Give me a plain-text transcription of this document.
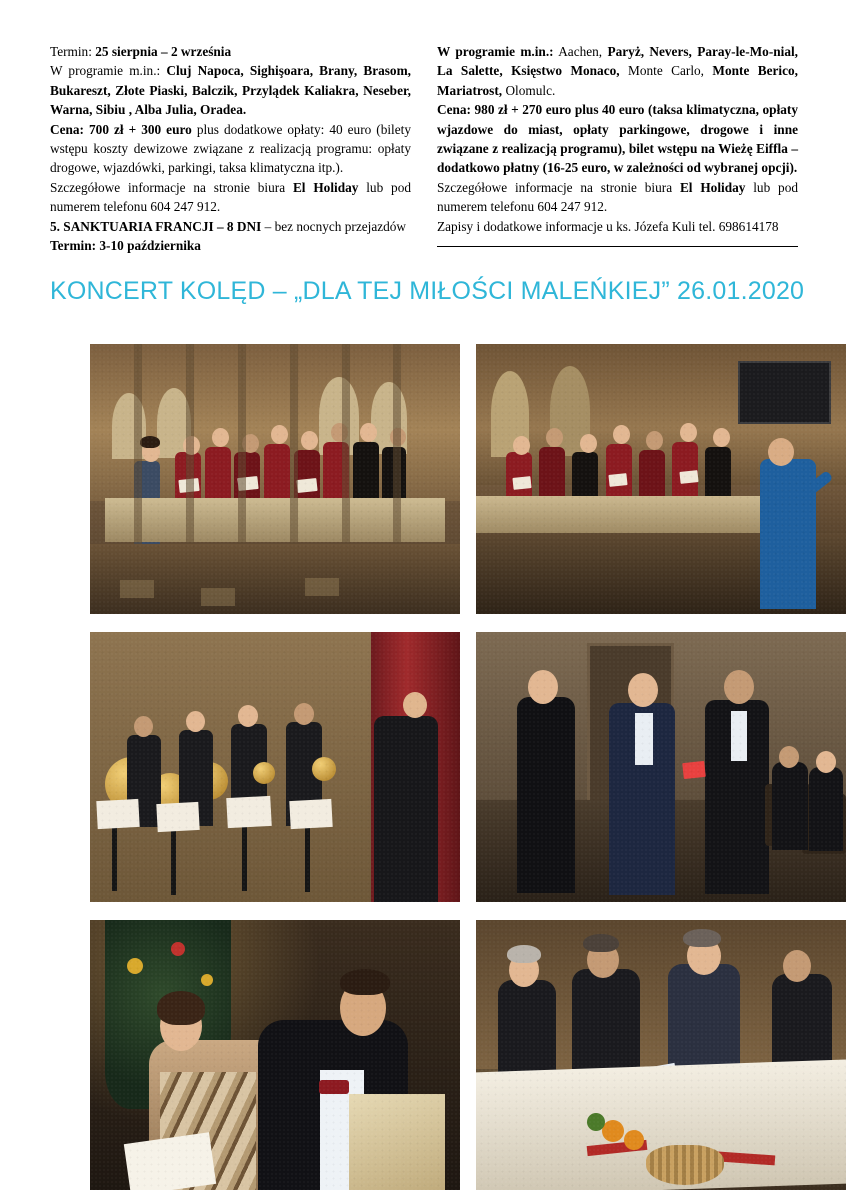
Termin: 25 sierpnia – 2 września

W programie m.in.: Cluj Napoca, Sighişoara, Brany, Brasom, Bukareszt, Złote Piaski, Balczik, Przylądek Kaliakra, Neseber, Warna, Sibiu , Alba Julia, Oradea.

Cena: 700 zł + 300 euro plus dodatkowe opłaty: 40 euro (bilety wstępu koszty dewizowe związane z realizacją programu: opłaty drogowe, wjazdówki, parkingi, taksa klimatyczna itp.).

Szczegółowe informacje na stronie biura El Holiday lub pod numerem telefonu 604 247 912.

5. SANKTUARIA FRANCJI – 8 DNI – bez nocnych przejazdów

Termin: 3-10 października

W programie m.in.: Aachen, Paryż, Nevers, Paray-le-Mo-nial, La Salette, Księstwo Monaco, Monte Carlo, Monte Berico, Mariatrost, Olomulc.

Cena: 980 zł + 270 euro plus 40 euro (taksa klimatyczna, opłaty wjazdowe do miast, opłaty parkingowe, drogowe i inne związane z realizacją programu), bilet wstępu na Wieżę Eiffla – dodatkowo płatny (16-25 euro, w zależności od wybranej opcji).

Szczegółowe informacje na stronie biura El Holiday lub pod numerem telefonu 604 247 912.

Zapisy i dodatkowe informacje u ks. Józefa Kuli tel. 698614178

KONCERT KOLĘD – „DLA TEJ MIŁOŚCI MALEŃKIEJ” 26.01.2020
